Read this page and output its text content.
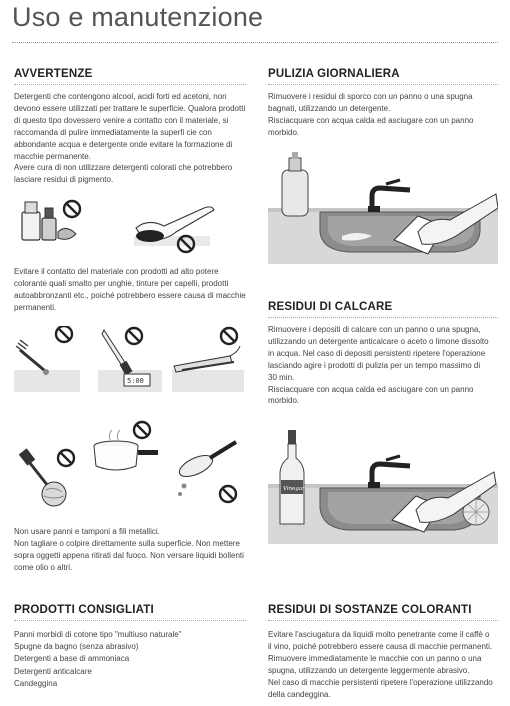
Uso e manutenzione
AVVERTENZE

Detergenti che contengono alcool, acidi forti ed acetoni, non

devono essere utilizzati per trattare le superficie. Qualora prodotti

di questo tipo dovessero venire a contatto con il materiale, si

raccomanda di pulire immediatamente la superfi cie con

abbondante acqua e detergente onde evitare la formazione di

macchie permanente.

Avere cura di non utilizzare detergenti colorati che potrebbero

lasciare residui di pigmento.

Evitare il contatto del materiale con prodotti ad alto potere

colorante quali smalto per unghie, tinture per capelli, prodotti

autoabbronzanti etc., poiché potrebbero essere causa di macchie

permanenti.

5:00

Non usare panni e tamponi a fili metallici.

Non tagliare o colpire direttamente sulla superficie. Non mettere

sopra oggetti appena ritirati dal fuoco. Non versare liquidi bollenti

come olio o altri.

PRODOTTI CONSIGLIATI
Panni morbidi di cotone tipo "multiuso naturale"
Spugne da bagno (senza abrasivo)
Detergenti a base di ammoniaca
Detergenti anticalcare
Candeggina
PULIZIA GIORNALIERA

Rimuovere i residui di sporco con un panno o una spugna

bagnati, utilizzando un detergente.

Risciacquare con acqua calda ed asciugare con un panno

morbido.

RESIDUI DI CALCARE

Rimuovere i depositi di calcare con un panno o una spugna,

utilizzando un detergente anticalcare o aceto o limone dissolto

in acqua. Nel caso di depositi persistenti ripetere l'operazione

lasciando agire i prodotti di pulizia per un tempo massimo di

30 min.

Risciacquare con acqua calda ed asciugare con un panno

morbido.

Vinegar
RESIDUI DI SOSTANZE COLORANTI

Evitare l'asciugatura da liquidi molto penetrante come il caffè o

il vino, poiché potrebbero essere causa di macchie permanenti.

Rimuovere immediatamente le macchie con un panno o una

spugna, utilizzando un detergente leggermente abrasivo.

Nel caso di macchie persistenti ripetere l'operazione utilizzando

della candeggina.
